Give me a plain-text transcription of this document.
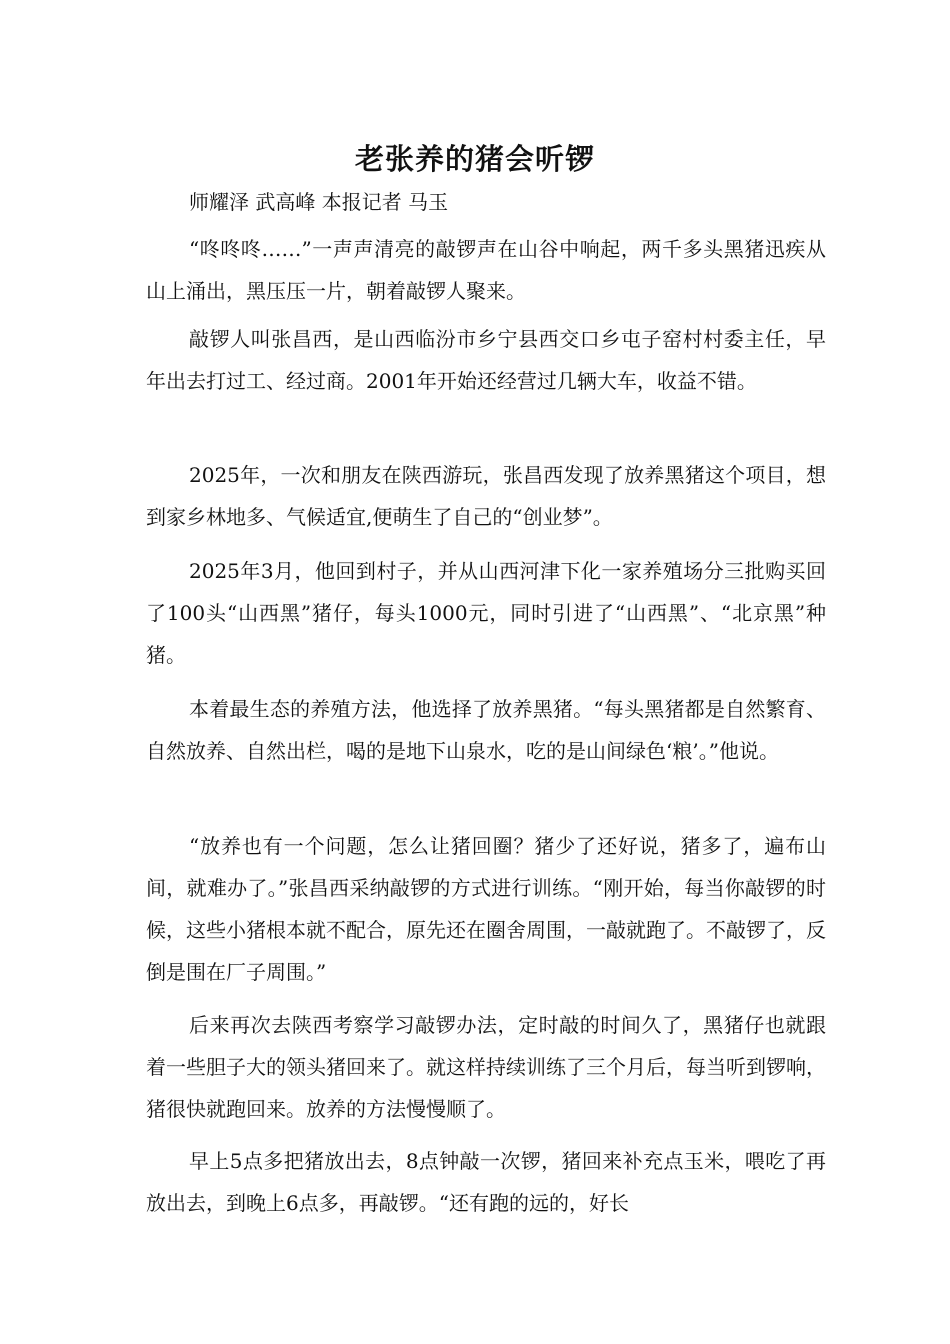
老张养的猪会听锣
师耀泽 武高峰 本报记者 马玉

“咚咚咚……”一声声清亮的敲锣声在山谷中响起，两千多头黑猪迅疾从山上涌出，黑压压一片，朝着敲锣人聚来。

敲锣人叫张昌西，是山西临汾市乡宁县西交口乡屯子窑村村委主任，早年出去打过工、经过商。2001年开始还经营过几辆大车，收益不错。

2025年，一次和朋友在陕西游玩，张昌西发现了放养黑猪这个项目，想到家乡林地多、气候适宜,便萌生了自己的“创业梦”。

2025年3月，他回到村子，并从山西河津下化一家养殖场分三批购买回了100头“山西黑”猪仔，每头1000元，同时引进了“山西黑”、“北京黑”种猪。

本着最生态的养殖方法，他选择了放养黑猪。“每头黑猪都是自然繁育、自然放养、自然出栏，喝的是地下山泉水，吃的是山间绿色‘粮’。”他说。

“放养也有一个问题，怎么让猪回圈？猪少了还好说，猪多了，遍布山间，就难办了。”张昌西采纳敲锣的方式进行训练。“刚开始，每当你敲锣的时候，这些小猪根本就不配合，原先还在圈舍周围，一敲就跑了。不敲锣了，反倒是围在厂子周围。”

后来再次去陕西考察学习敲锣办法，定时敲的时间久了，黑猪仔也就跟着一些胆子大的领头猪回来了。就这样持续训练了三个月后，每当听到锣响，猪很快就跑回来。放养的方法慢慢顺了。

早上5点多把猪放出去，8点钟敲一次锣，猪回来补充点玉米，喂吃了再放出去，到晚上6点多，再敲锣。“还有跑的远的，好长
